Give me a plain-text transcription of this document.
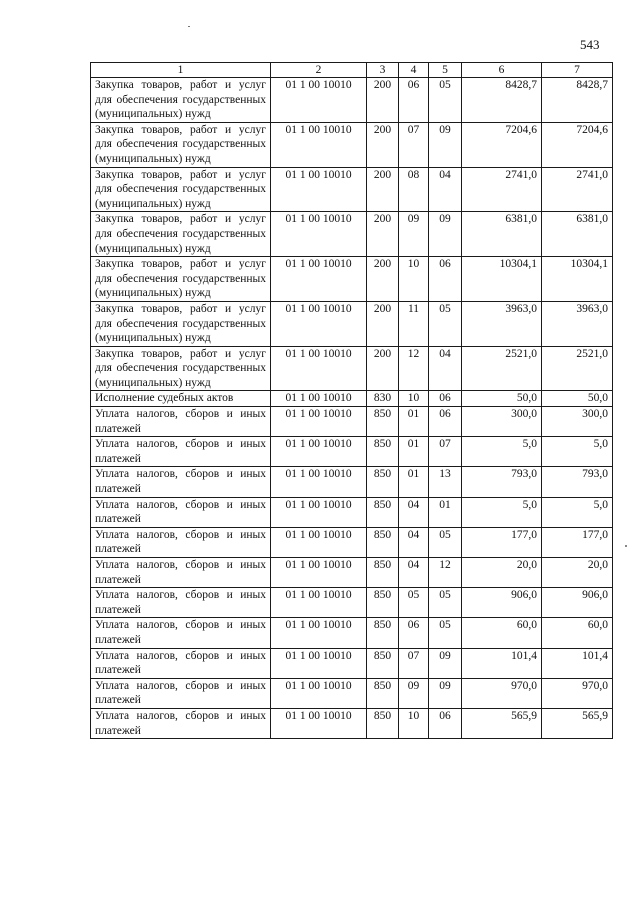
543
1	2	3	4	5	6	7
Закупка товаров, работ и услуг для обеспечения государственных (муниципальных) нужд	01 1 00 10010	200	06	05	8428,7	8428,7
Закупка товаров, работ и услуг для обеспечения государственных (муниципальных) нужд	01 1 00 10010	200	07	09	7204,6	7204,6
Закупка товаров, работ и услуг для обеспечения государственных (муниципальных) нужд	01 1 00 10010	200	08	04	2741,0	2741,0
Закупка товаров, работ и услуг для обеспечения государственных (муниципальных) нужд	01 1 00 10010	200	09	09	6381,0	6381,0
Закупка товаров, работ и услуг для обеспечения государственных (муниципальных) нужд	01 1 00 10010	200	10	06	10304,1	10304,1
Закупка товаров, работ и услуг для обеспечения государственных (муниципальных) нужд	01 1 00 10010	200	11	05	3963,0	3963,0
Закупка товаров, работ и услуг для обеспечения государственных (муниципальных) нужд	01 1 00 10010	200	12	04	2521,0	2521,0
Исполнение судебных актов	01 1 00 10010	830	10	06	50,0	50,0
Уплата налогов, сборов и иных платежей	01 1 00 10010	850	01	06	300,0	300,0
Уплата налогов, сборов и иных платежей	01 1 00 10010	850	01	07	5,0	5,0
Уплата налогов, сборов и иных платежей	01 1 00 10010	850	01	13	793,0	793,0
Уплата налогов, сборов и иных платежей	01 1 00 10010	850	04	01	5,0	5,0
Уплата налогов, сборов и иных платежей	01 1 00 10010	850	04	05	177,0	177,0
Уплата налогов, сборов и иных платежей	01 1 00 10010	850	04	12	20,0	20,0
Уплата налогов, сборов и иных платежей	01 1 00 10010	850	05	05	906,0	906,0
Уплата налогов, сборов и иных платежей	01 1 00 10010	850	06	05	60,0	60,0
Уплата налогов, сборов и иных платежей	01 1 00 10010	850	07	09	101,4	101,4
Уплата налогов, сборов и иных платежей	01 1 00 10010	850	09	09	970,0	970,0
Уплата налогов, сборов и иных платежей	01 1 00 10010	850	10	06	565,9	565,9
